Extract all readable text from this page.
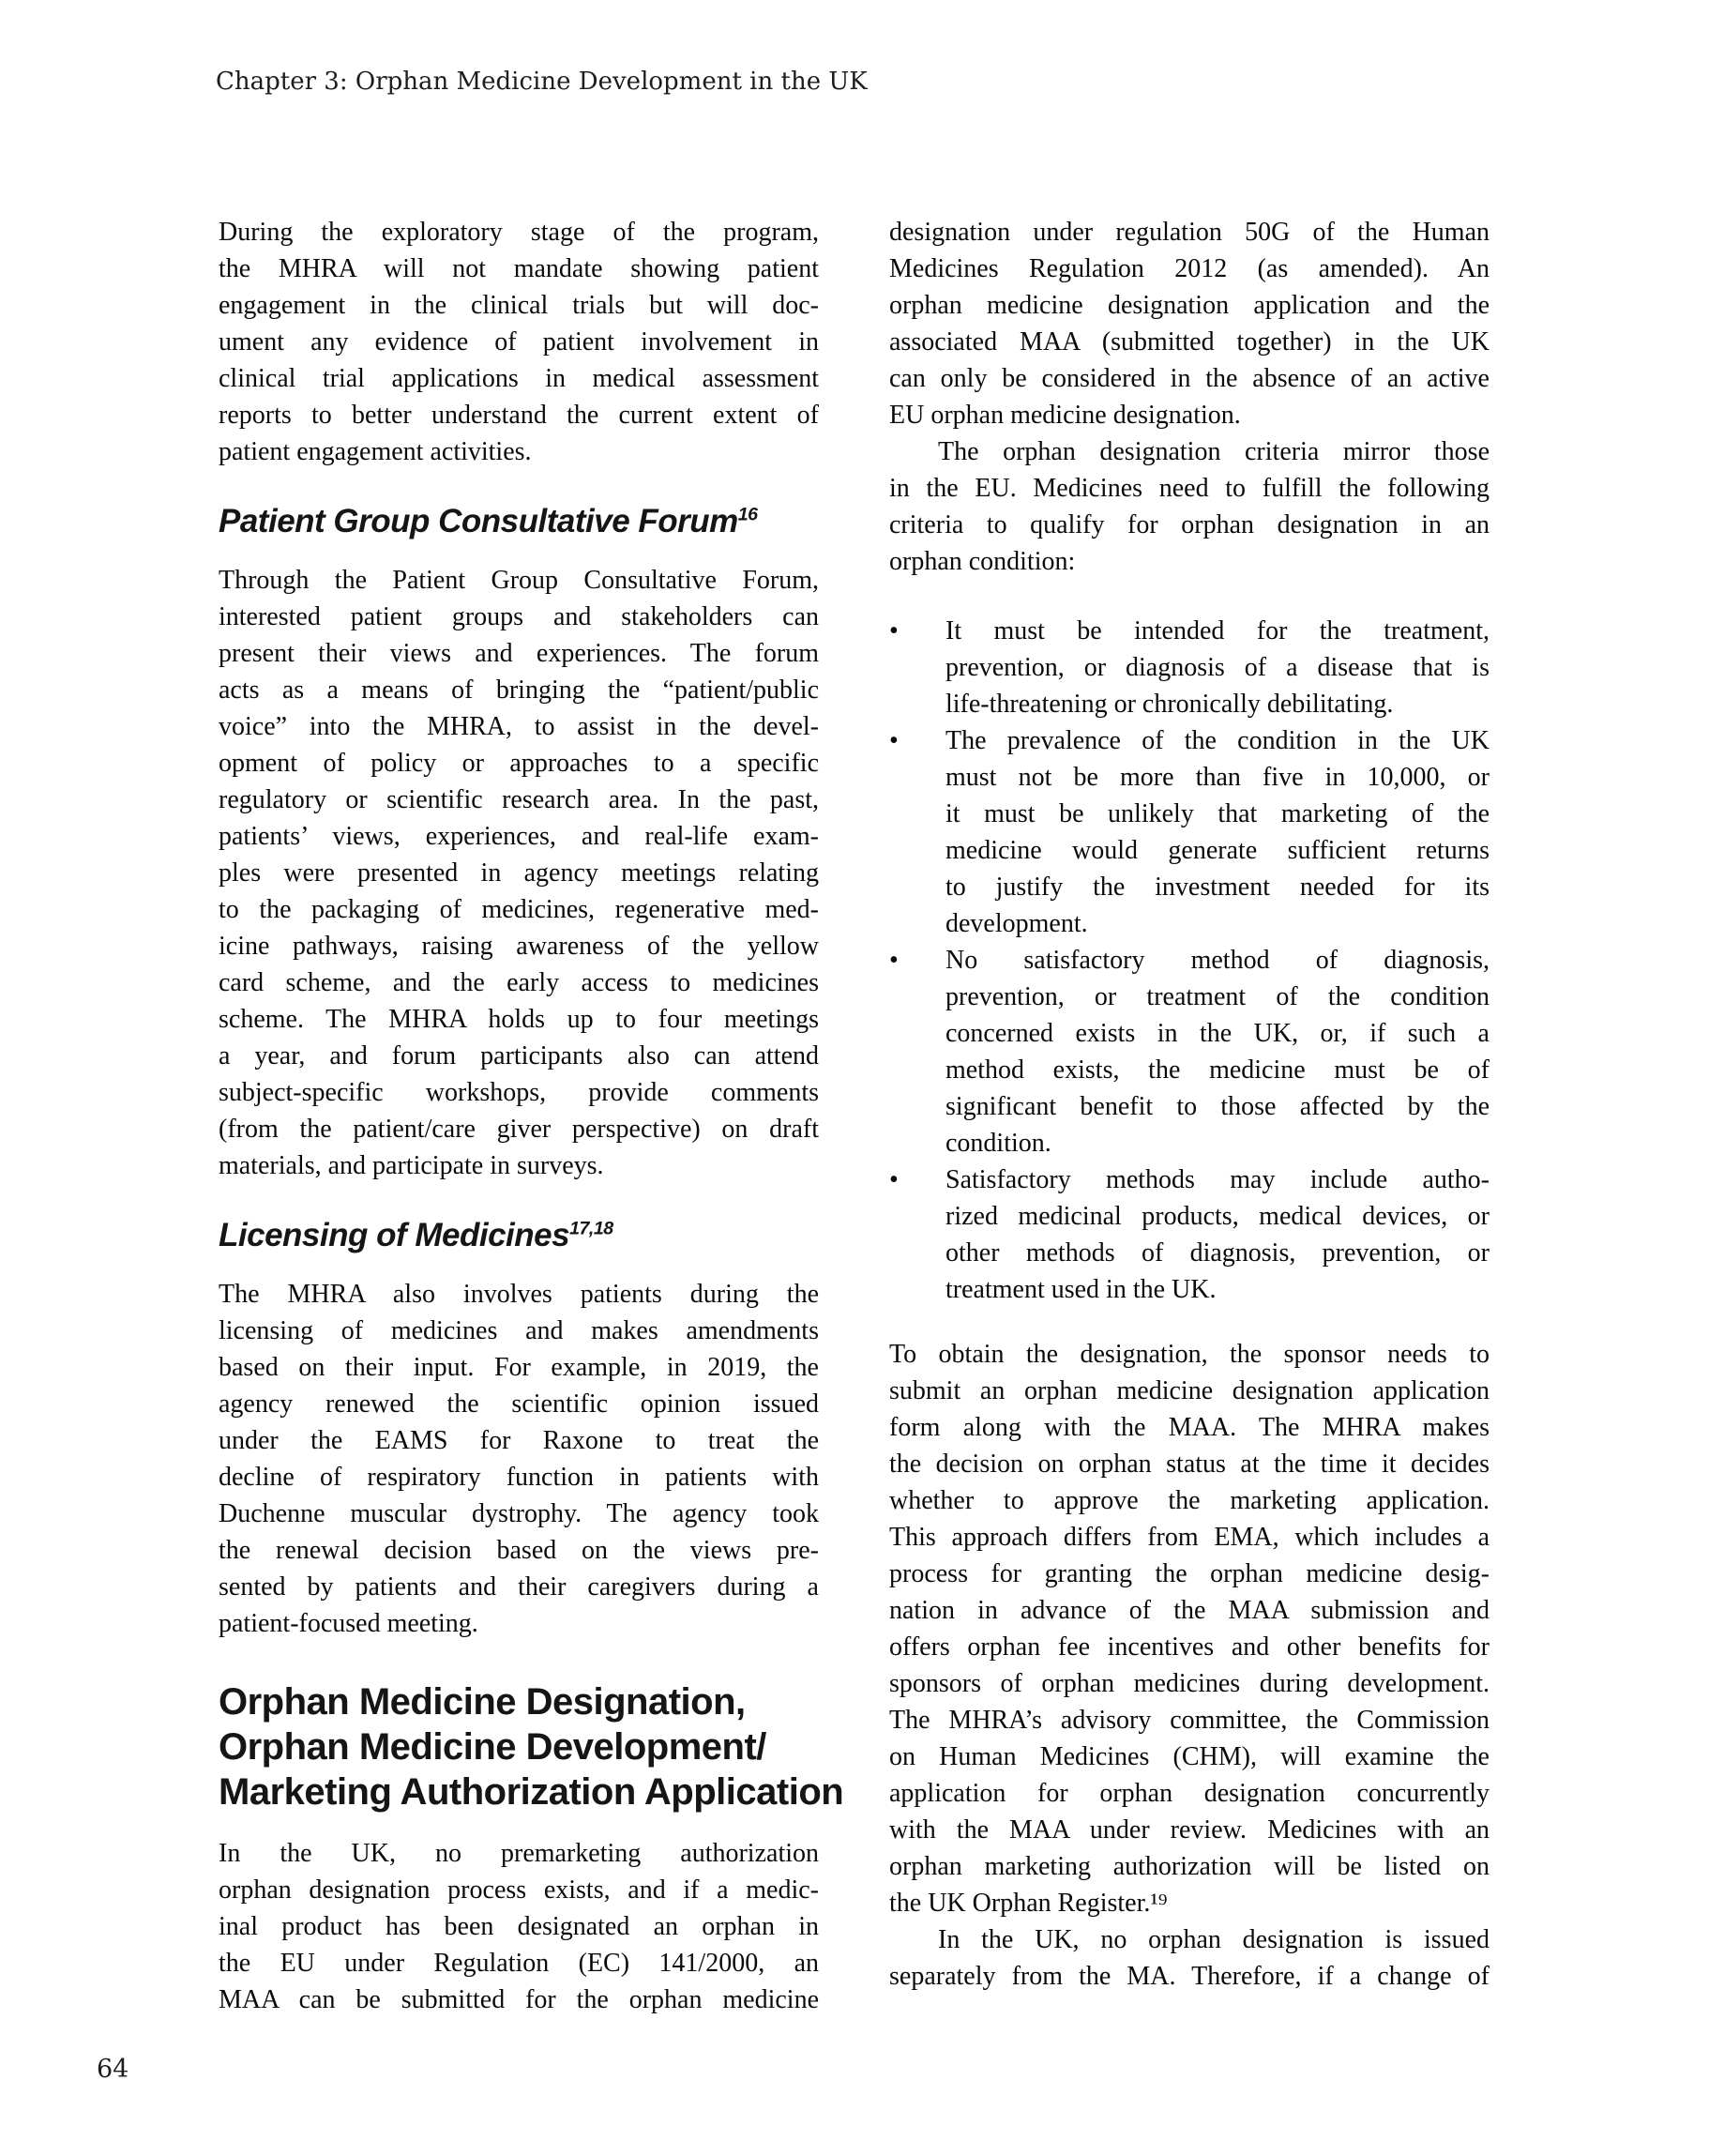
Chapter 3: Orphan Medicine Development in the UK
During the exploratory stage of the program,
the MHRA will not mandate showing patient
engagement in the clinical trials but will doc-
ument any evidence of patient involvement in
clinical trial applications in medical assessment
reports to better understand the current extent of
patient engagement activities.
Patient Group Consultative Forum$^{16}$
Through the Patient Group Consultative Forum,
interested patient groups and stakeholders can
present their views and experiences. The forum
acts as a means of bringing the “patient/public
voice” into the MHRA, to assist in the devel-
opment of policy or approaches to a specific
regulatory or scientific research area. In the past,
patients’ views, experiences, and real-life exam-
ples were presented in agency meetings relating
to the packaging of medicines, regenerative med-
icine pathways, raising awareness of the yellow
card scheme, and the early access to medicines
scheme. The MHRA holds up to four meetings
a year, and forum participants also can attend
subject-specific workshops, provide comments
(from the patient/care giver perspective) on draft
materials, and participate in surveys.
Licensing of Medicines$^{17,18}$
The MHRA also involves patients during the
licensing of medicines and makes amendments
based on their input. For example, in 2019, the
agency renewed the scientific opinion issued
under the EAMS for Raxone to treat the
decline of respiratory function in patients with
Duchenne muscular dystrophy. The agency took
the renewal decision based on the views pre-
sented by patients and their caregivers during a
patient-focused meeting.
Orphan Medicine Designation,
Orphan Medicine Development/
Marketing Authorization Application
In the UK, no premarketing authorization
orphan designation process exists, and if a medic-
inal product has been designated an orphan in
the EU under Regulation (EC) 141/2000, an
MAA can be submitted for the orphan medicine
designation under regulation 50G of the Human
Medicines Regulation 2012 (as amended). An
orphan medicine designation application and the
associated MAA (submitted together) in the UK
can only be considered in the absence of an active
EU orphan medicine designation.
The orphan designation criteria mirror those
in the EU. Medicines need to fulfill the following
criteria to qualify for orphan designation in an
orphan condition:
•	It must be intended for the treatment,
prevention, or diagnosis of a disease that is
life-threatening or chronically debilitating.
•	The prevalence of the condition in the UK
must not be more than five in 10,000, or
it must be unlikely that marketing of the
medicine would generate sufficient returns
to justify the investment needed for its
development.
•	No satisfactory method of diagnosis,
prevention, or treatment of the condition
concerned exists in the UK, or, if such a
method exists, the medicine must be of
significant benefit to those affected by the
condition.
•	Satisfactory methods may include autho-
rized medicinal products, medical devices, or
other methods of diagnosis, prevention, or
treatment used in the UK.
To obtain the designation, the sponsor needs to
submit an orphan medicine designation application
form along with the MAA. The MHRA makes
the decision on orphan status at the time it decides
whether to approve the marketing application.
This approach differs from EMA, which includes a
process for granting the orphan medicine desig-
nation in advance of the MAA submission and
offers orphan fee incentives and other benefits for
sponsors of orphan medicines during development.
The MHRA’s advisory committee, the Commission
on Human Medicines (CHM), will examine the
application for orphan designation concurrently
with the MAA under review. Medicines with an
orphan marketing authorization will be listed on
the UK Orphan Register.¹⁹
In the UK, no orphan designation is issued
separately from the MA. Therefore, if a change of
64
